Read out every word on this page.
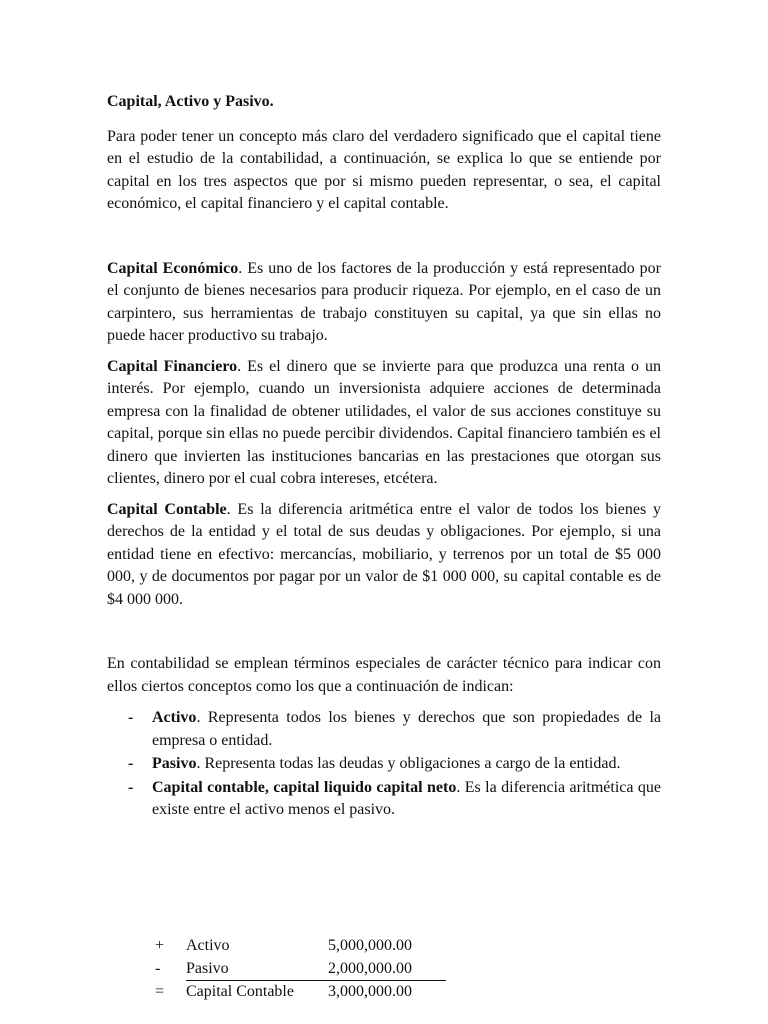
Capital, Activo y Pasivo.

Para poder tener un concepto más claro del verdadero significado que el capital tiene en el estudio de la contabilidad, a continuación, se explica lo que se entiende por capital en los tres aspectos que por si mismo pueden representar, o sea, el capital económico, el capital financiero y el capital contable.

Capital Económico. Es uno de los factores de la producción y está representado por el conjunto de bienes necesarios para producir riqueza. Por ejemplo, en el caso de un carpintero, sus herramientas de trabajo constituyen su capital, ya que sin ellas no puede hacer productivo su trabajo.

Capital Financiero. Es el dinero que se invierte para que produzca una renta o un interés. Por ejemplo, cuando un inversionista adquiere acciones de determinada empresa con la finalidad de obtener utilidades, el valor de sus acciones constituye su capital, porque sin ellas no puede percibir dividendos. Capital financiero también es el dinero que invierten las instituciones bancarias en las prestaciones que otorgan sus clientes, dinero por el cual cobra intereses, etcétera.

Capital Contable. Es la diferencia aritmética entre el valor de todos los bienes y derechos de la entidad y el total de sus deudas y obligaciones. Por ejemplo, si una entidad tiene en efectivo: mercancías, mobiliario, y terrenos por un total de $5 000 000, y de documentos por pagar por un valor de $1 000 000, su capital contable es de $4 000 000.

En contabilidad se emplean términos especiales de carácter técnico para indicar con ellos ciertos conceptos como los que a continuación de indican:

- Activo. Representa todos los bienes y derechos que son propiedades de la empresa o entidad.
- Pasivo. Representa todas las deudas y obligaciones a cargo de la entidad.
- Capital contable, capital liquido capital neto. Es la diferencia aritmética que existe entre el activo menos el pasivo.
+	Activo	5,000,000.00
-	Pasivo	2,000,000.00
=	Capital Contable	3,000,000.00
